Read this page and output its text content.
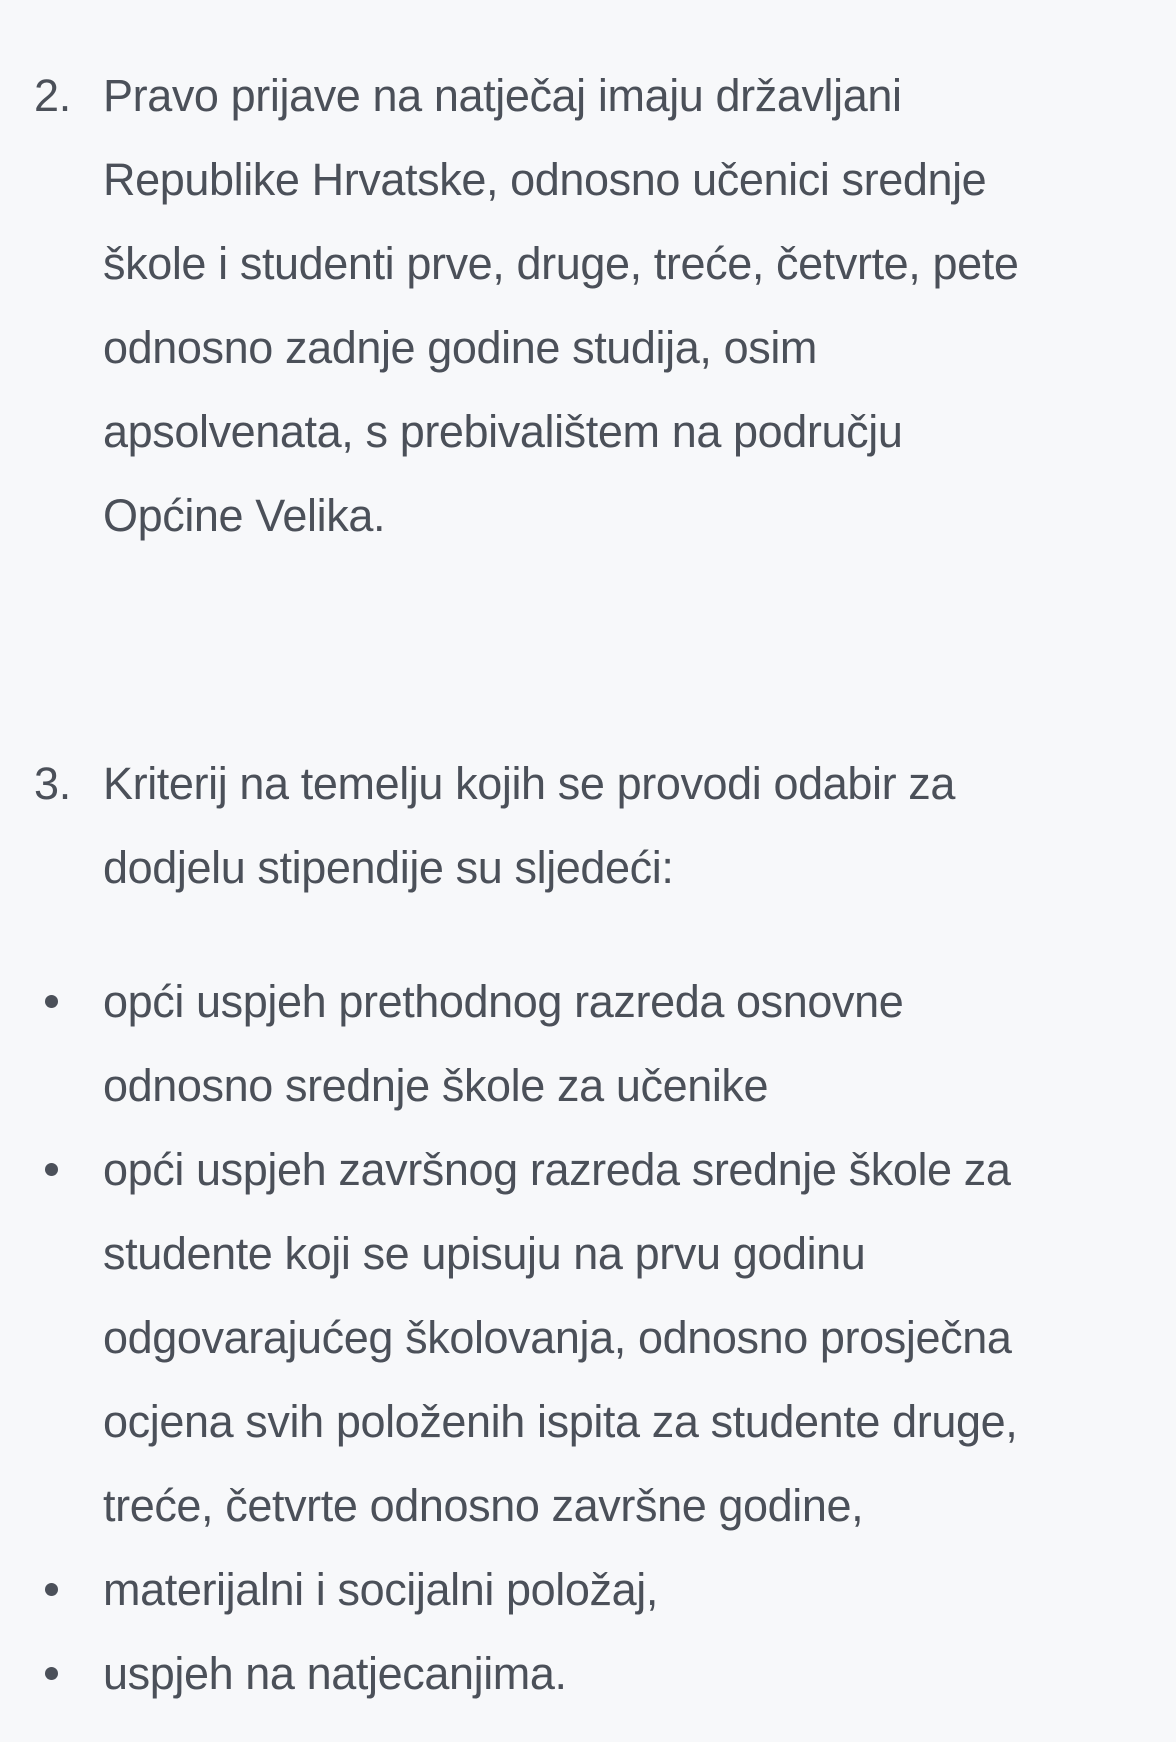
2. Pravo prijave na natječaj imaju državljani
Republike Hrvatske, odnosno učenici srednje
škole i studenti prve, druge, treće, četvrte, pete
odnosno zadnje godine studija, osim
apsolvenata, s prebivalištem na području
Općine Velika.
3. Kriterij na temelju kojih se provodi odabir za
dodjelu stipendije su sljedeći:
opći uspjeh prethodnog razreda osnovne
odnosno srednje škole za učenike
opći uspjeh završnog razreda srednje škole za
studente koji se upisuju na prvu godinu
odgovarajućeg školovanja, odnosno prosječna
ocjena svih položenih ispita za studente druge,
treće, četvrte odnosno završne godine,
materijalni i socijalni položaj,
uspjeh na natjecanjima.
